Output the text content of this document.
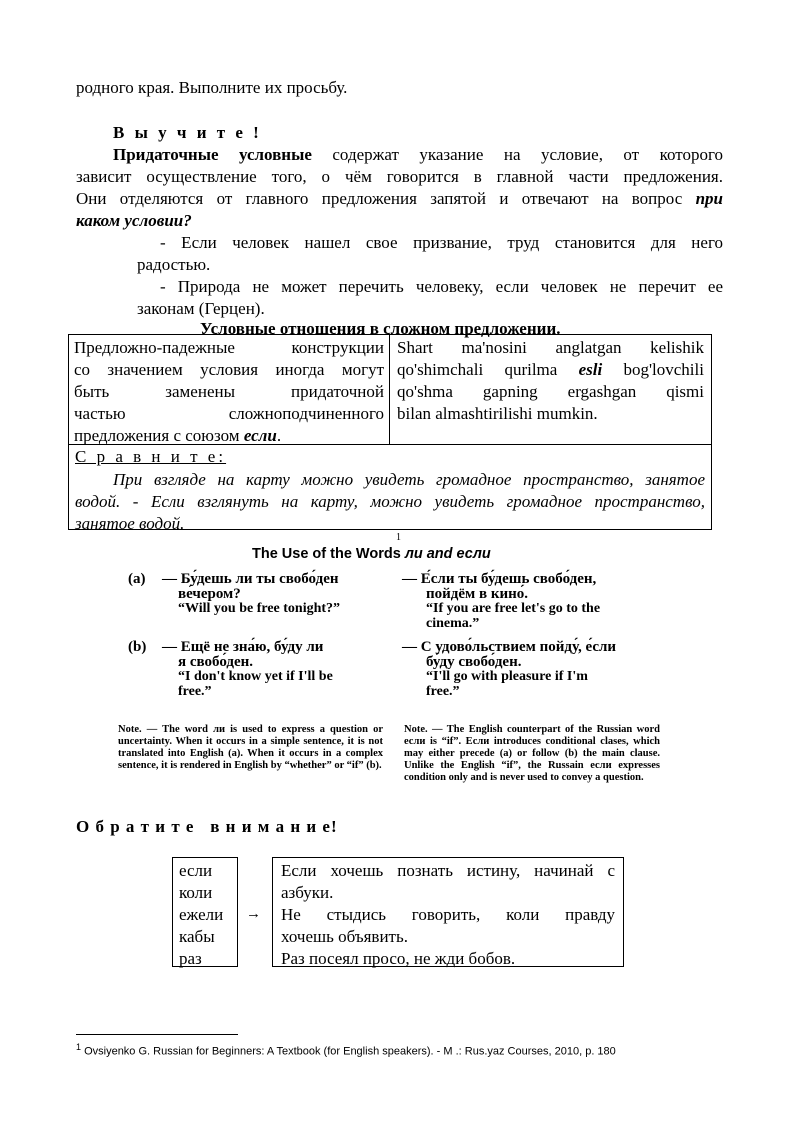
родного края. Выполните их просьбу.
В ы у ч и т е !
Придаточные условные содержат указание на условие, от которого
зависит осуществление того, о чём говорится в главной части предложения.
Они отделяются от главного предложения запятой и отвечают на вопрос при
каком условии?
- Если человек нашел свое призвание, труд становится для него
радостью.
- Природа не может перечить человеку, если человек не перечит ее
законам (Герцен).
Условные отношения в сложном предложении.
Предложно-падежные конструкции
со значением условия иногда могут
быть заменены придаточной
частью сложноподчиненного
предложения с союзом если.
Shart ma'nosini anglatgan kelishik
qo'shimchali qurilma esli bog'lovchili
qo'shma gapning ergashgan qismi
bilan almashtirilishi mumkin.
С р а в н и т е:
При взгляде на карту можно увидеть громадное пространство, занятое
водой. - Если взглянуть на карту, можно увидеть громадное пространство,
занятое водой.
1
The Use of the Words ли and если
(a) — Бу́дешь ли ты свобо́ден
ве́чером?
“Will you be free tonight?”
— Е́сли ты бу́дешь свобо́ден,
пойдём в кино́.
“If you are free let's go to the
cinema.”
(b) — Ещё не зна́ю, бу́ду ли
я свобо́ден.
“I don't know yet if I'll be
free.”
— С удово́льствием пойду́, е́сли
бу́ду свобо́ден.
“I'll go with pleasure if I'm
free.”
Note. — The word ли is used to express a question or uncertainty. When it occurs in a simple sentence, it is not translated into English (a). When it occurs in a complex sentence, it is rendered in English by “whether” or “if” (b).
Note. — The English counterpart of the Russian word если is “if”. Если introduces conditional clases, which may either precede (a) or follow (b) the main clause. Unlike the English “if”, the Russain если expresses condition only and is never used to convey a question.
О б р а т и т е   в н и м а н и е!
если
коли
ежели
кабы
раз
→
Если хочешь познать истину, начинай с
азбуки.
Не стыдись говорить, коли правду
хочешь объявить.
Раз посеял просо, не жди бобов.
$^1$ Ovsiyenko G. Russian for Beginners: A Textbook (for English speakers). - M .: Rus.yaz Courses, 2010, p. 180
